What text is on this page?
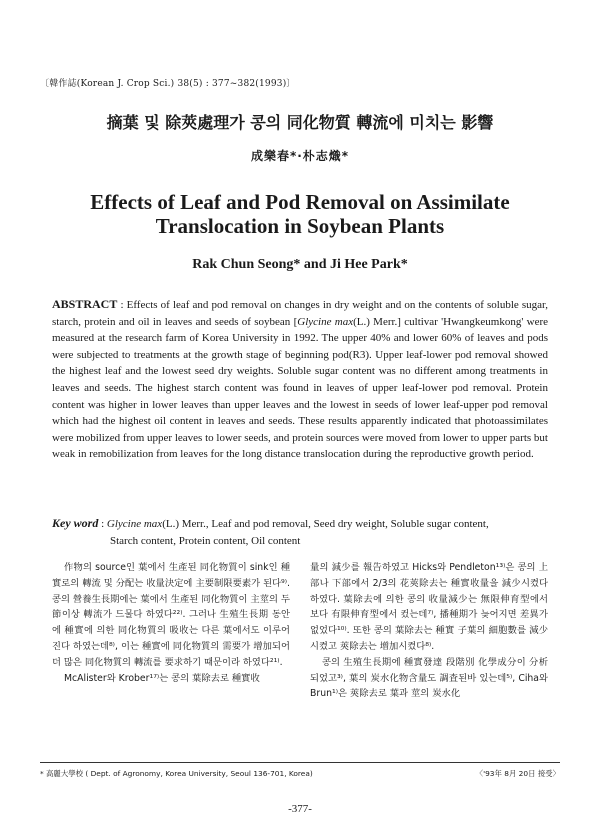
〔韓作誌(Korean J. Crop Sci.) 38(5) : 377~382(1993)〕
摘葉 및 除莢處理가 콩의 同化物質 轉流에 미치는 影響
成樂春*·朴志熾*
Effects of Leaf and Pod Removal on Assimilate
Translocation in Soybean Plants
Rak Chun Seong* and Ji Hee Park*
ABSTRACT : Effects of leaf and pod removal on changes in dry weight and on the contents of soluble sugar, starch, protein and oil in leaves and seeds of soybean [Glycine max(L.) Merr.] cultivar 'Hwangkeumkong' were measured at the research farm of Korea University in 1992. The upper 40% and lower 60% of leaves and pods were subjected to treatments at the growth stage of beginning pod(R3). Upper leaf-lower pod removal showed the highest leaf and the lowest seed dry weights. Soluble sugar content was no different among treatments in leaves and seeds. The highest starch content was found in leaves of upper leaf-lower pod removal. Protein content was higher in lower leaves than upper leaves and the lowest in seeds of lower leaf-upper pod removal which had the highest oil content in leaves and seeds. These results apparently indicated that photoassimilates were mobilized from upper leaves to lower seeds, and protein sources were moved from lower to upper parts but weak in remobilization from leaves for the long distance translocation during the reproductive growth period.
Key word : Glycine max(L.) Merr., Leaf and pod removal, Seed dry weight, Soluble sugar content,
Starch content, Protein content, Oil content

作物의 source인 葉에서 生產된 同化物質이 sink인 種實로의 轉流 및 分配는 收量決定에 主要制限要素가 된다⁹⁾. 콩의 營養生長期에는 葉에서 生產된 同化物質이 主莖의 두 節이상 轉流가 드물다 하였다²²⁾. 그러나 生殖生長期 동안에 種實에 의한 同化物質의 吸收는 다른 葉에서도 이루어진다 하였는데⁸⁾, 이는 種實에 同化物質의 需要가 增加되어 더 많은 同化物質의 轉流를 要求하기 때문이라 하였다²¹⁾.

McAlister와 Krober¹⁷⁾는 콩의 葉除去로 種實收

量의 減少를 報告하였고 Hicks와 Pendleton¹³⁾은 콩의 上部나 下部에서 2/3의 花莢除去는 種實收量을 減少시켰다 하였다. 葉除去에 의한 콩의 收量減少는 無限伸育型에서 보다 有限伸育型에서 컸는데⁷⁾, 播種期가 늦어지면 差異가 없었다¹⁰⁾. 또한 콩의 葉除去는 種實 子葉의 細胞數를 減少시켰고 莢除去는 增加시켰다⁸⁾.

콩의 生殖生長期에 種實發達 段階別 化學成分이 分析되었고³⁾, 葉의 炭水化物含量도 調査된바 있는데⁵⁾, Ciha와 Brun¹⁾은 莢除去로 葉과 莖의 炭水化

* 高麗大學校 ( Dept. of Agronomy, Korea University, Seoul 136-701, Korea)	〈'93年 8月 20日 接受〉
-377-
